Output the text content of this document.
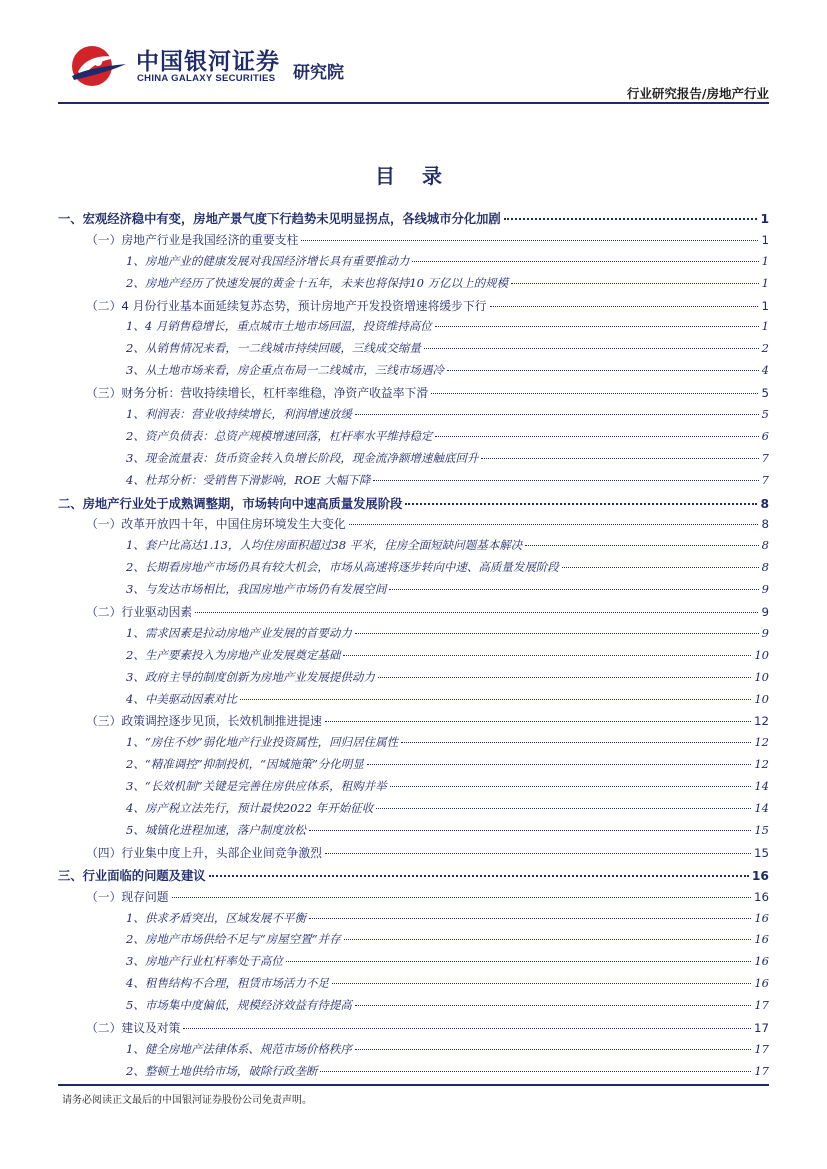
中国银河证券
CHINA GALAXY SECURITIES 研究院
行业研究报告/房地产行业
目 录
一、宏观经济稳中有变，房地产景气度下行趋势未见明显拐点，各线城市分化加剧	1
（一）房地产行业是我国经济的重要支柱	1
1、房地产业的健康发展对我国经济增长具有重要推动力	1
2、房地产经历了快速发展的黄金十五年，未来也将保持10 万亿以上的规模	1
（二）4 月份行业基本面延续复苏态势，预计房地产开发投资增速将缓步下行	1
1、4 月销售稳增长，重点城市土地市场回温，投资维持高位	1
2、从销售情况来看，一二线城市持续回暖，三线成交缩量	2
3、从土地市场来看，房企重点布局一二线城市，三线市场遇冷	4
（三）财务分析：营收持续增长，杠杆率维稳，净资产收益率下滑	5
1、利润表：营业收持续增长，利润增速放缓	5
2、资产负债表：总资产规模增速回落，杠杆率水平维持稳定	6
3、现金流量表：货币资金转入负增长阶段，现金流净额增速触底回升	7
4、杜邦分析：受销售下滑影响，ROE 大幅下降	7
二、房地产行业处于成熟调整期，市场转向中速高质量发展阶段	8
（一）改革开放四十年，中国住房环境发生大变化	8
1、套户比高达1.13，人均住房面积超过38 平米，住房全面短缺问题基本解决	8
2、长期看房地产市场仍具有较大机会，市场从高速将逐步转向中速、高质量发展阶段	8
3、与发达市场相比，我国房地产市场仍有发展空间	9
（二）行业驱动因素	9
1、需求因素是拉动房地产业发展的首要动力	9
2、生产要素投入为房地产业发展奠定基础	10
3、政府主导的制度创新为房地产业发展提供动力	10
4、中美驱动因素对比	10
（三）政策调控逐步见顶，长效机制推进提速	12
1、“房住不炒”弱化地产行业投资属性，回归居住属性	12
2、“精准调控”抑制投机，“因城施策”分化明显	12
3、“长效机制”关键是完善住房供应体系，租购并举	14
4、房产税立法先行，预计最快2022 年开始征收	14
5、城镇化进程加速，落户制度放松	15
（四）行业集中度上升，头部企业间竞争激烈	15
三、行业面临的问题及建议	16
（一）现存问题	16
1、供求矛盾突出，区域发展不平衡	16
2、房地产市场供给不足与“房屋空置”并存	16
3、房地产行业杠杆率处于高位	16
4、租售结构不合理，租赁市场活力不足	16
5、市场集中度偏低，规模经济效益有待提高	17
（二）建议及对策	17
1、健全房地产法律体系、规范市场价格秩序	17
2、整顿土地供给市场，破除行政垄断	17
请务必阅读正文最后的中国银河证券股份公司免责声明。
